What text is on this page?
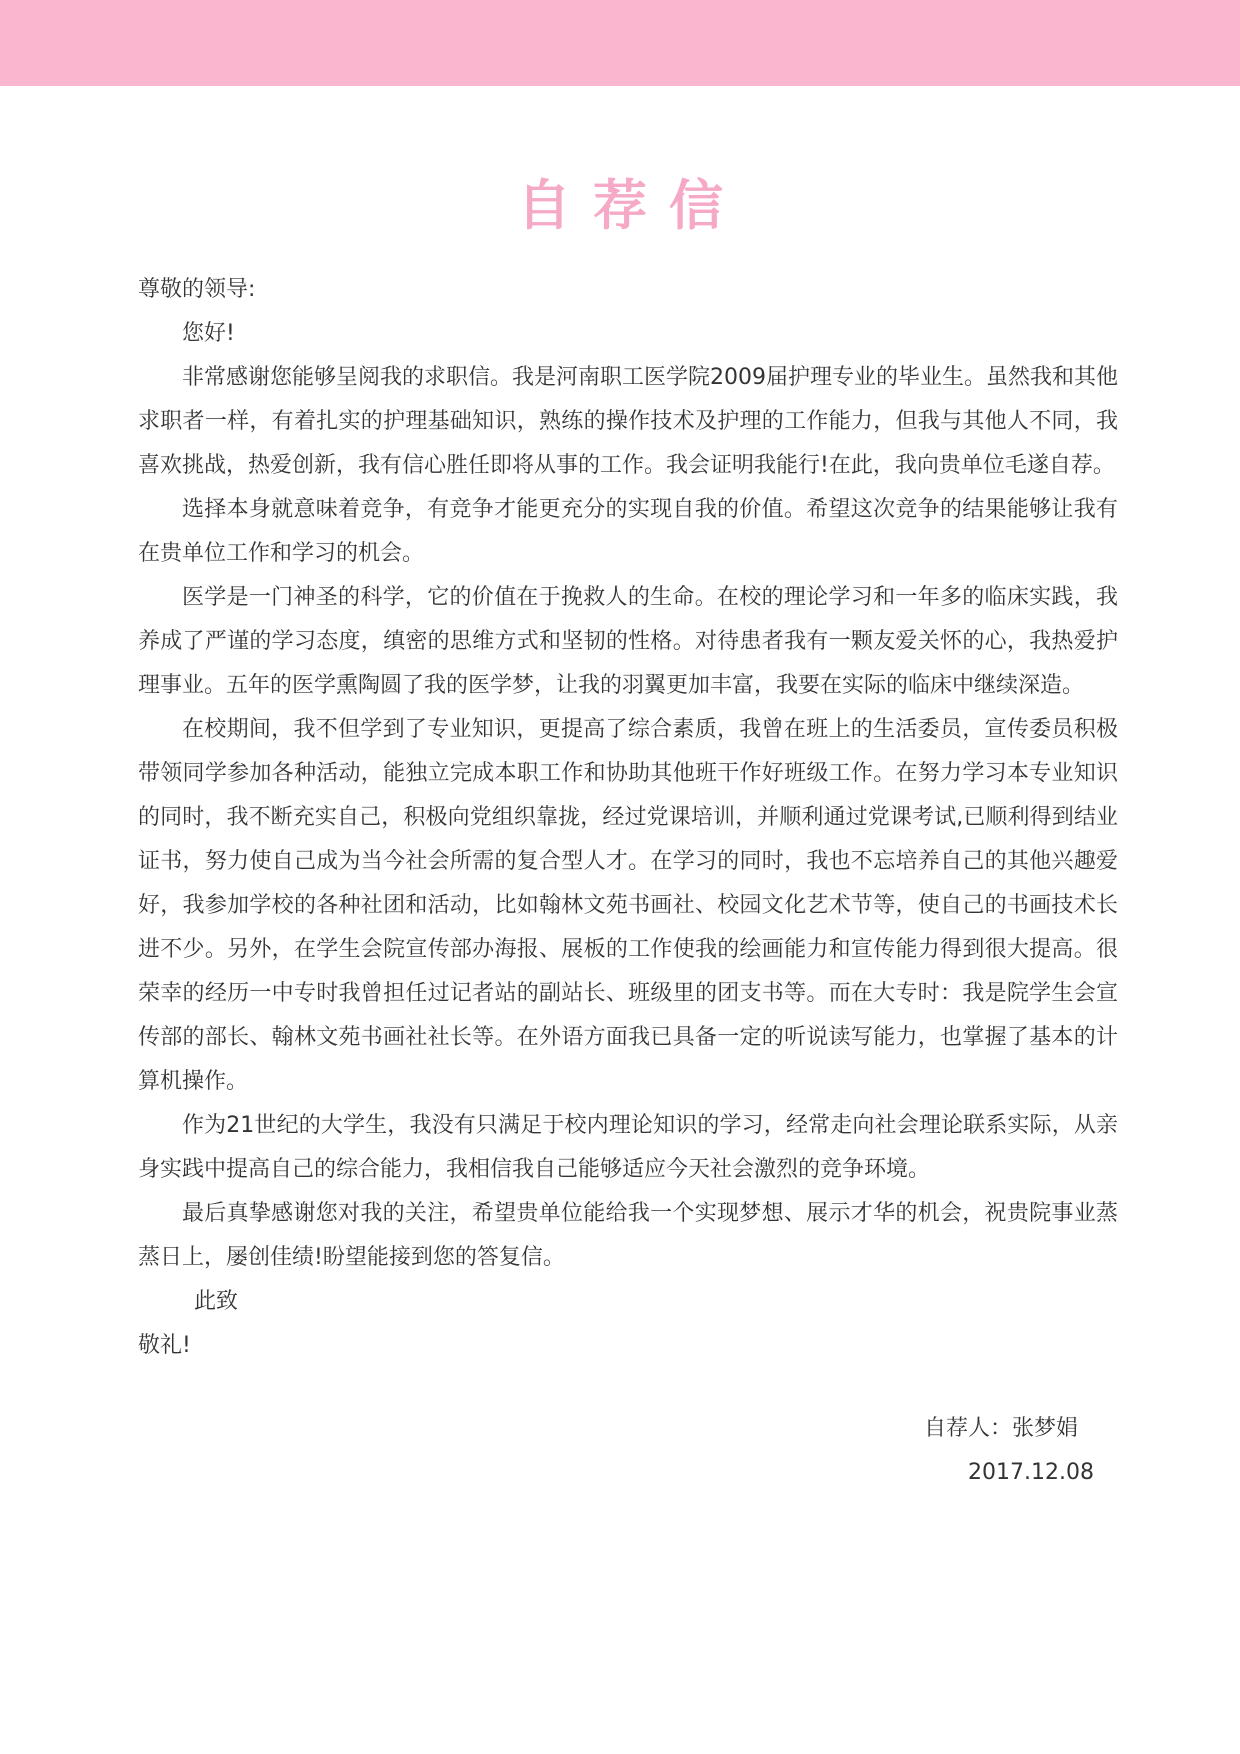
自荐信

尊敬的领导:

您好!

非常感谢您能够呈阅我的求职信。我是河南职工医学院2009届护理专业的毕业生。虽然我和其他求职者一样，有着扎实的护理基础知识，熟练的操作技术及护理的工作能力，但我与其他人不同，我喜欢挑战，热爱创新，我有信心胜任即将从事的工作。我会证明我能行!在此，我向贵单位毛遂自荐。

选择本身就意味着竞争，有竞争才能更充分的实现自我的价值。希望这次竞争的结果能够让我有在贵单位工作和学习的机会。

医学是一门神圣的科学，它的价值在于挽救人的生命。在校的理论学习和一年多的临床实践，我养成了严谨的学习态度，缜密的思维方式和坚韧的性格。对待患者我有一颗友爱关怀的心，我热爱护理事业。五年的医学熏陶圆了我的医学梦，让我的羽翼更加丰富，我要在实际的临床中继续深造。

在校期间，我不但学到了专业知识，更提高了综合素质，我曾在班上的生活委员，宣传委员积极带领同学参加各种活动，能独立完成本职工作和协助其他班干作好班级工作。在努力学习本专业知识的同时，我不断充实自己，积极向党组织靠拢，经过党课培训，并顺利通过党课考试,已顺利得到结业证书，努力使自己成为当今社会所需的复合型人才。在学习的同时，我也不忘培养自己的其他兴趣爱好，我参加学校的各种社团和活动，比如翰林文苑书画社、校园文化艺术节等，使自己的书画技术长进不少。另外，在学生会院宣传部办海报、展板的工作使我的绘画能力和宣传能力得到很大提高。很荣幸的经历一中专时我曾担任过记者站的副站长、班级里的团支书等。而在大专时：我是院学生会宣传部的部长、翰林文苑书画社社长等。在外语方面我已具备一定的听说读写能力，也掌握了基本的计算机操作。

作为21世纪的大学生，我没有只满足于校内理论知识的学习，经常走向社会理论联系实际，从亲身实践中提高自己的综合能力，我相信我自己能够适应今天社会激烈的竞争环境。

最后真挚感谢您对我的关注，希望贵单位能给我一个实现梦想、展示才华的机会，祝贵院事业蒸蒸日上，屡创佳绩!盼望能接到您的答复信。

此致

敬礼!

自荐人：张梦娟

2017.12.08
